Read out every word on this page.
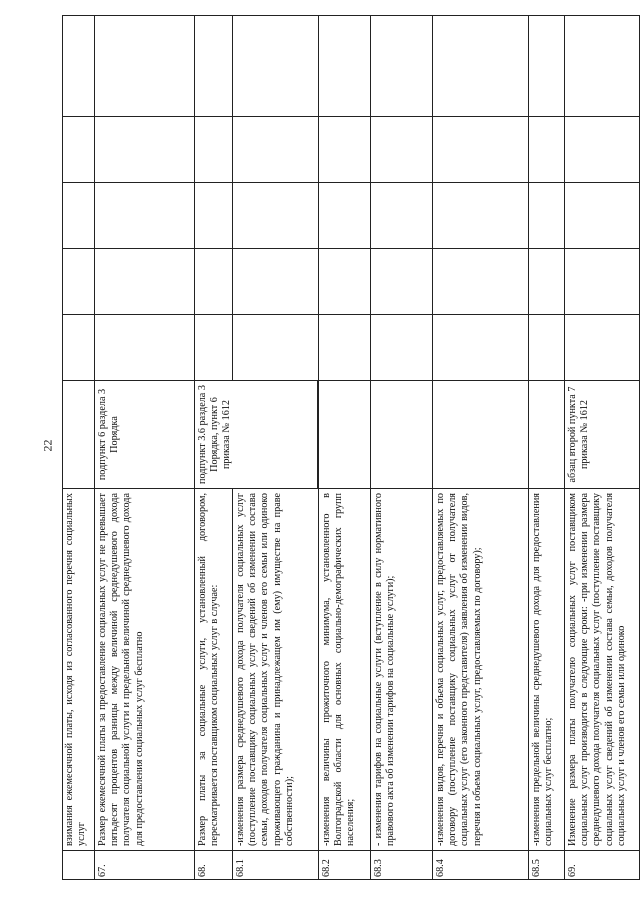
22
взимания ежемесячной платы, исходя из согласованного перечня социальных услуг
67.
Размер ежемесячной платы за предоставление социальных услуг не превышает пятьдесят процентов разницы между величиной среднедушевого дохода получателя социальной услуги и предельной величиной среднедушевого дохода для предоставления социальных услуг бесплатно
подпункт 6 раздела 3 Порядка
68.
Размер платы за социальные услуги, установленный договором, пересматривается поставщиком социальных услуг в случае:
подпункт 3.6 раздела 3 Порядка, пункт 6 приказа № 1612
68.1
-изменения размера среднедушевого дохода получателя социальных услуг (поступление поставщику социальных услуг сведений об изменении состава семьи, доходов получателя социальных услуг и членов его семьи или одиноко проживающего гражданина и принадлежащем им (ему) имуществе на праве собственности);
68.2
-изменения величины прожиточного минимума, установленного в Волгоградской области для основных социально-демографических групп населения;
68.3
- изменения тарифов на социальные услуги (вступление в силу нормативного правового акта об изменении тарифов на социальные услуги);
68.4
-изменения видов, перечня и объема социальных услуг, предоставляемых по договору (поступление поставщику социальных услуг от получателя социальных услуг (его законного представителя) заявления об изменении видов, перечня и объема социальных услуг, предоставляемых по договору);
68.5
-изменения предельной величины среднедушевого дохода для предоставления социальных услуг бесплатно;
69.
Изменение размера платы получателю социальных услуг поставщиком социальных услуг производится в следующие сроки: -при изменении размера среднедушевого дохода получателя социальных услуг (поступление поставщику социальных услуг сведений об изменении состава семьи, доходов получателя социальных услуг и членов его семьи или одиноко
абзац второй пункта 7 приказа № 1612
